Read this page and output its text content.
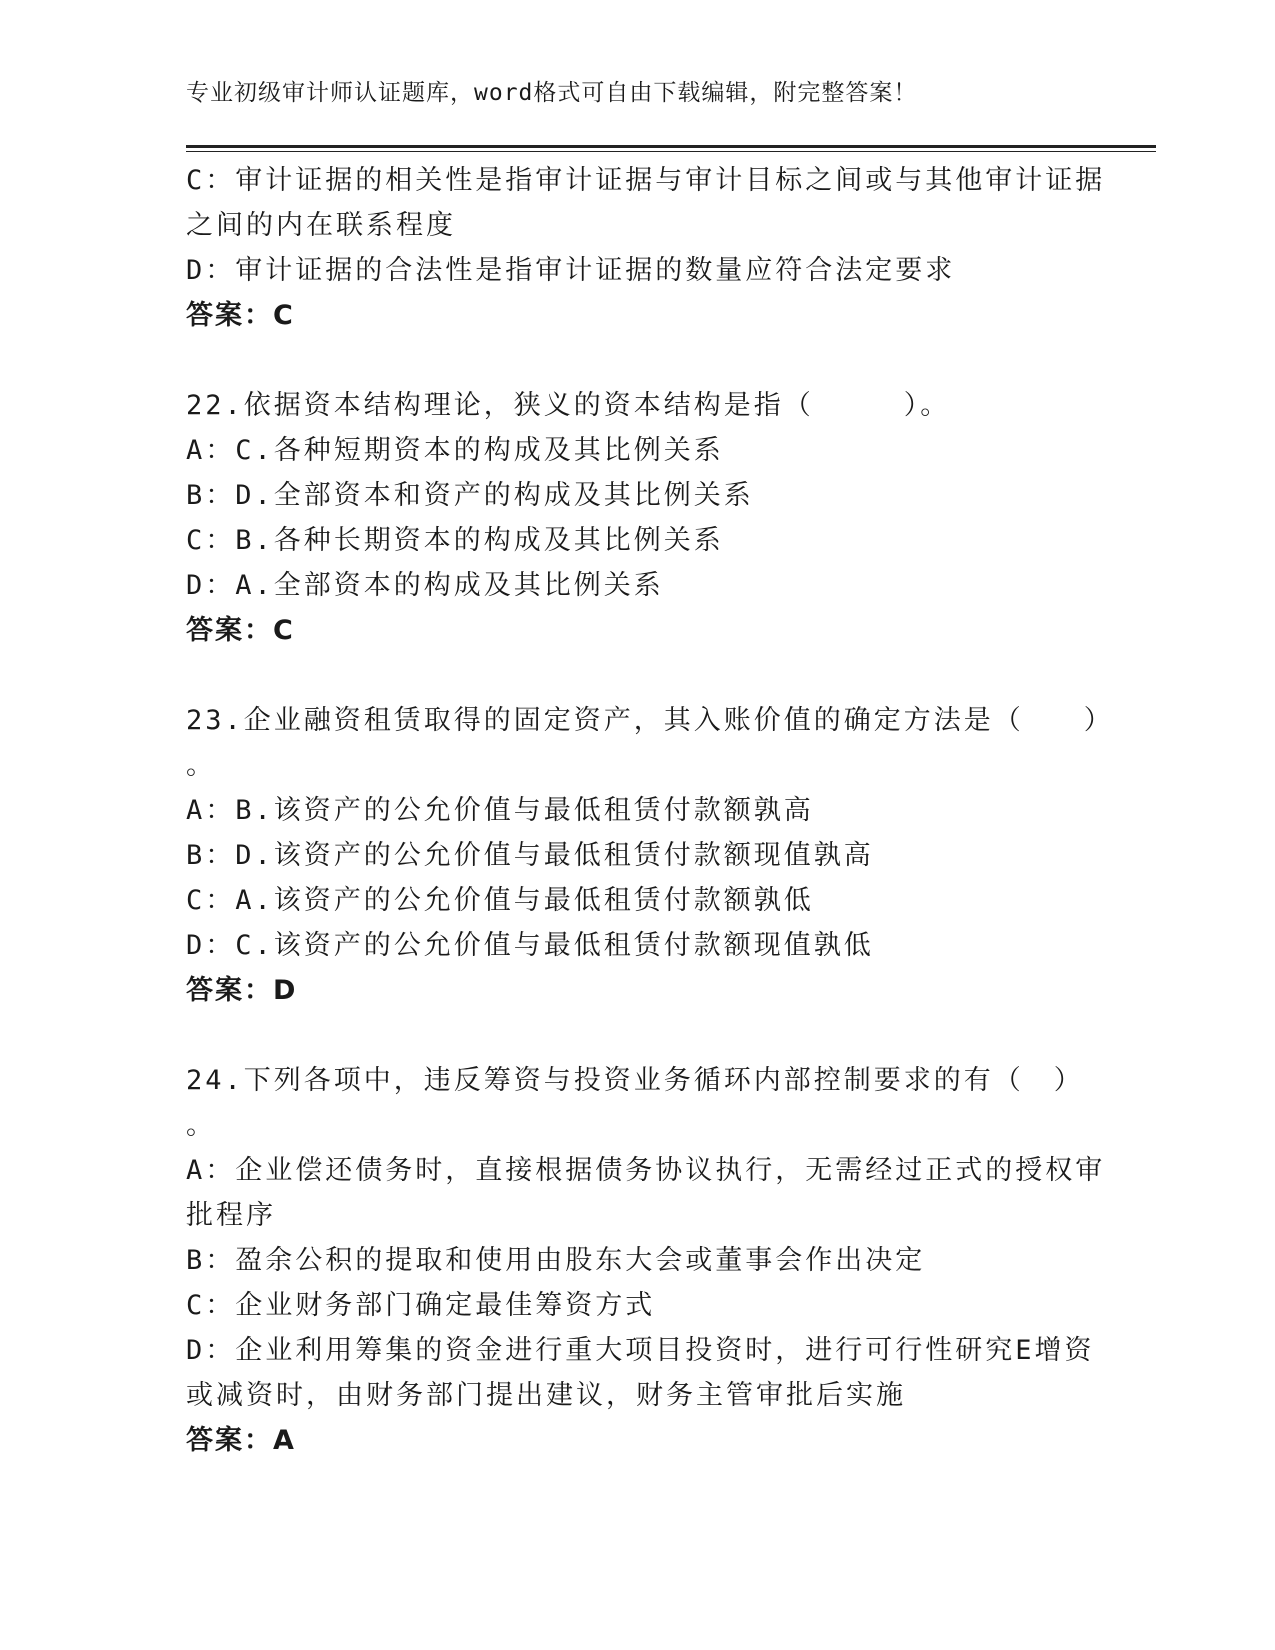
专业初级审计师认证题库，word格式可自由下载编辑，附完整答案！
C：审计证据的相关性是指审计证据与审计目标之间或与其他审计证据
之间的内在联系程度
D：审计证据的合法性是指审计证据的数量应符合法定要求
答案：C
22.依据资本结构理论，狭义的资本结构是指（　　　）。
A：C.各种短期资本的构成及其比例关系
B：D.全部资本和资产的构成及其比例关系
C：B.各种长期资本的构成及其比例关系
D：A.全部资本的构成及其比例关系
答案：C
23.企业融资租赁取得的固定资产，其入账价值的确定方法是（　　）
。
A：B.该资产的公允价值与最低租赁付款额孰高
B：D.该资产的公允价值与最低租赁付款额现值孰高
C：A.该资产的公允价值与最低租赁付款额孰低
D：C.该资产的公允价值与最低租赁付款额现值孰低
答案：D
24.下列各项中，违反筹资与投资业务循环内部控制要求的有（　）
。
A：企业偿还债务时，直接根据债务协议执行，无需经过正式的授权审
批程序
B：盈余公积的提取和使用由股东大会或董事会作出决定
C：企业财务部门确定最佳筹资方式
D：企业利用筹集的资金进行重大项目投资时，进行可行性研究E增资
或减资时，由财务部门提出建议，财务主管审批后实施
答案：A
